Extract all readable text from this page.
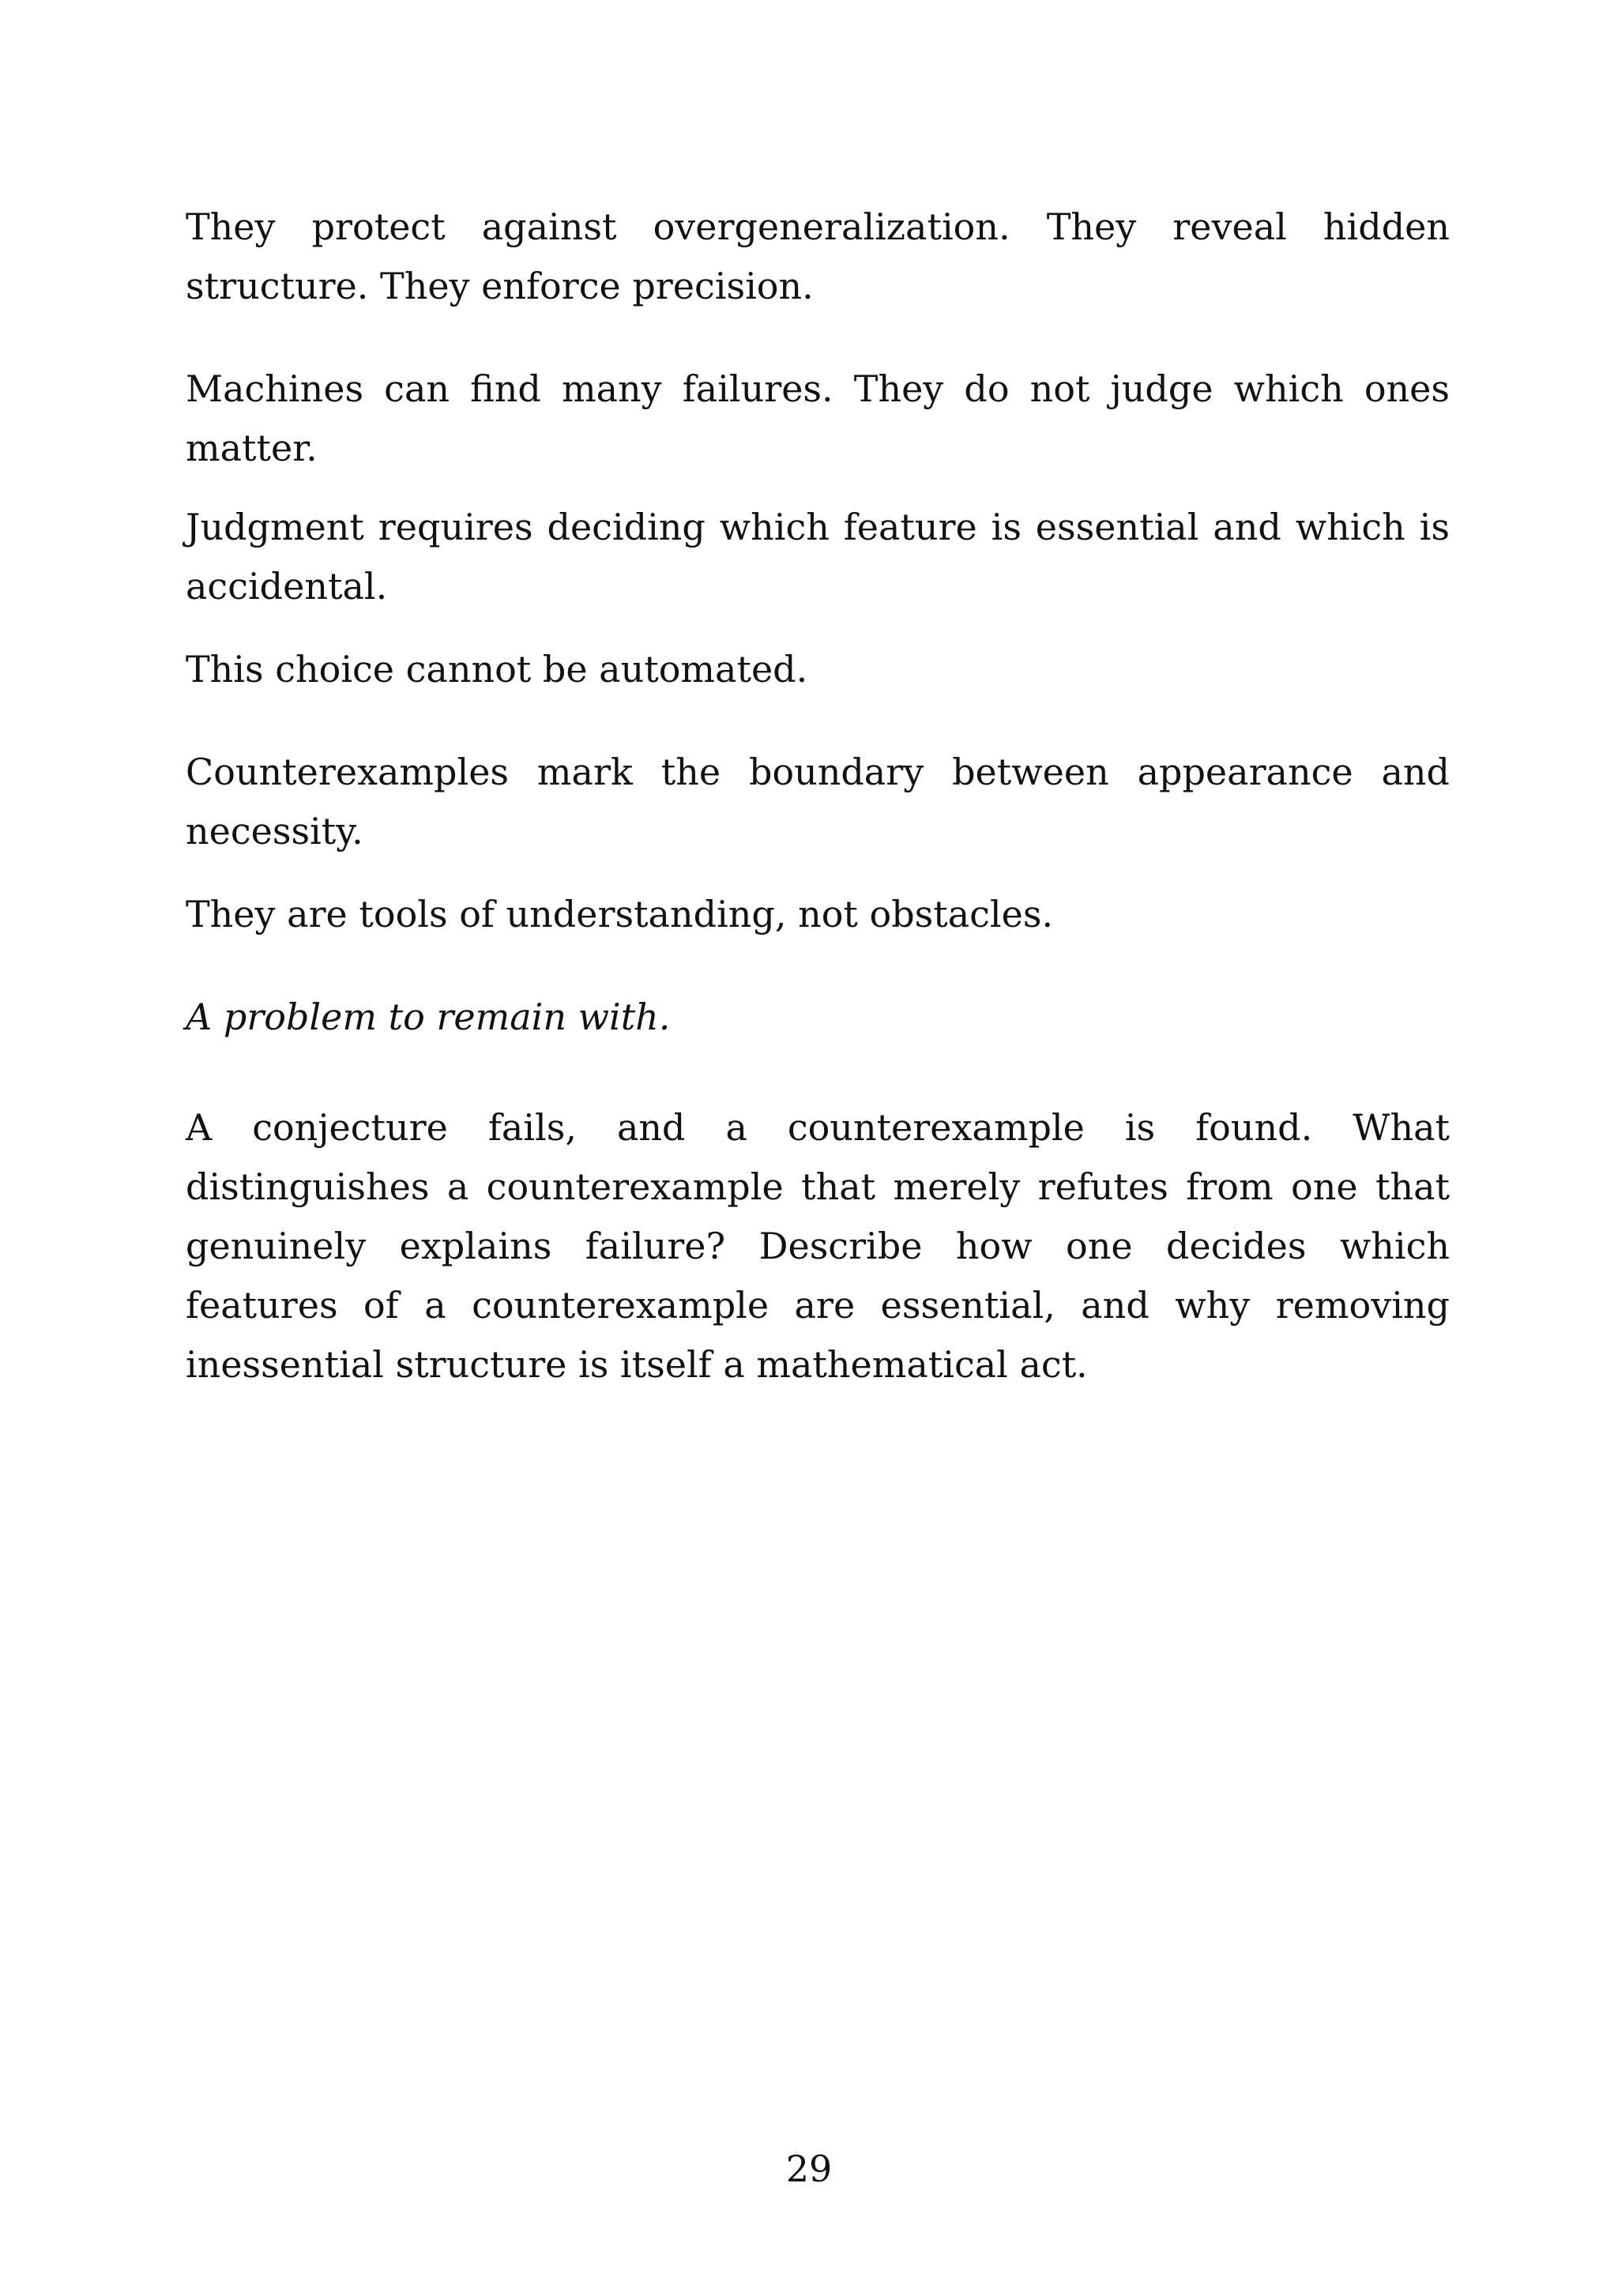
They protect against overgeneralization. They reveal hidden structure. They enforce precision.

Machines can find many failures. They do not judge which ones matter.

Judgment requires deciding which feature is essential and which is accidental.

This choice cannot be automated.

Counterexamples mark the boundary between appearance and necessity.

They are tools of understanding, not obstacles.

A problem to remain with.

A conjecture fails, and a counterexample is found. What distinguishes a counterexample that merely refutes from one that genuinely explains failure? Describe how one decides which features of a counterexample are essential, and why removing inessential structure is itself a mathematical act.

29
